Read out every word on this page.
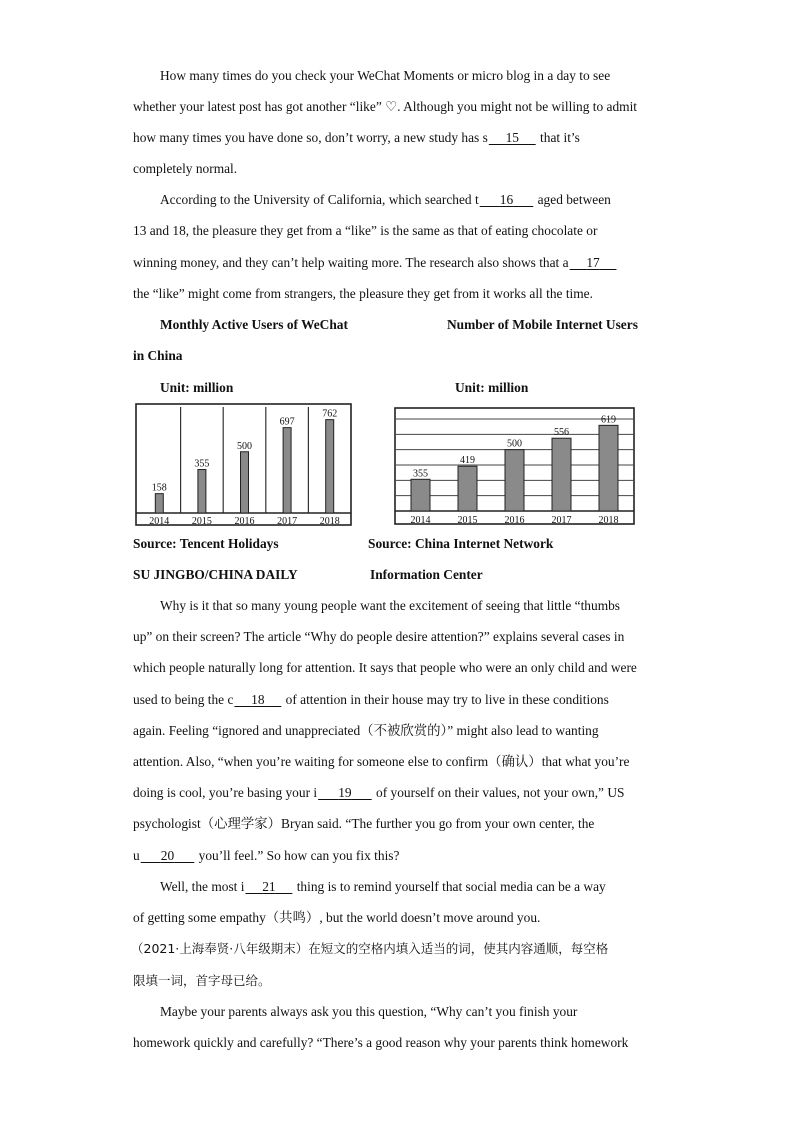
How many times do you check your WeChat Moments or micro blog in a day to see
whether your latest post has got another “like” ♡. Although you might not be willing to admit
how many times you have done so, don’t worry, a new study has s 15      that it’s
completely normal.
According to the University of California, which searched t 16       aged between
13 and 18, the pleasure they get from a “like” is the same as that of eating chocolate or
winning money, and they can’t help waiting more. The research also shows that a 17
the “like” might come from strangers, the pleasure they get from it works all the time.
Monthly Active Users of WeChat	Number of Mobile Internet Users
in China
Unit: million	Unit: million
158
2014
355
2015
500
2016
697
2017
762
2018
355
2014
419
2015
500
2016
556
2017
619
2018
Source: Tencent Holidays	Source: China Internet Network
SU JINGBO/CHINA DAILY	Information Center
Why is it that so many young people want the excitement of seeing that little “thumbs
up” on their screen? The article “Why do people desire attention?” explains several cases in
which people naturally long for attention. It says that people who were an only child and were
used to being the c 18      of attention in their house may try to live in these conditions
again. Feeling “ignored and unappreciated（不被欣赏的）” might also lead to wanting
attention. Also, “when you’re waiting for someone else to confirm（确认）that what you’re
doing is cool, you’re basing your i 19       of yourself on their values, not your own,” US
psychologist（心理学家）Bryan said. “The further you go from your own center, the
u 20       you’ll feel.” So how can you fix this?
Well, the most i 21      thing is to remind yourself that social media can be a way
of getting some empathy（共鸣）, but the world doesn’t move around you.
（2021·上海奉贤·八年级期末）在短文的空格内填入适当的词，使其内容通顺，每空格
限填一词，首字母已给。
Maybe your parents always ask you this question, “Why can’t you finish your
homework quickly and carefully? “There’s a good reason why your parents think homework
